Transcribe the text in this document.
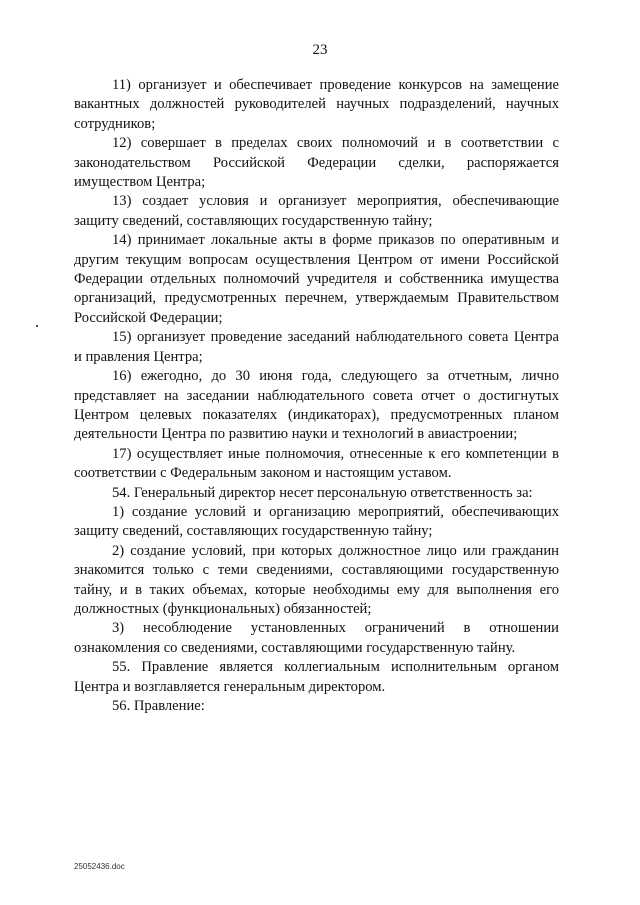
23

11) организует и обеспечивает проведение конкурсов на замещение вакантных должностей руководителей научных подразделений, научных сотрудников;

12) совершает в пределах своих полномочий и в соответствии с законодательством Российской Федерации сделки, распоряжается имуществом Центра;

13) создает условия и организует мероприятия, обеспечивающие защиту сведений, составляющих государственную тайну;

14) принимает локальные акты в форме приказов по оперативным и другим текущим вопросам осуществления Центром от имени Российской Федерации отдельных полномочий учредителя и собственника имущества организаций, предусмотренных перечнем, утверждаемым Правительством Российской Федерации;

15) организует проведение заседаний наблюдательного совета Центра и правления Центра;

16) ежегодно, до 30 июня года, следующего за отчетным, лично представляет на заседании наблюдательного совета отчет о достигнутых Центром целевых показателях (индикаторах), предусмотренных планом деятельности Центра по развитию науки и технологий в авиастроении;

17) осуществляет иные полномочия, отнесенные к его компетенции в соответствии с Федеральным законом и настоящим уставом.

54. Генеральный директор несет персональную ответственность за:

1) создание условий и организацию мероприятий, обеспечивающих защиту сведений, составляющих государственную тайну;

2) создание условий, при которых должностное лицо или гражданин знакомится только с теми сведениями, составляющими государственную тайну, и в таких объемах, которые необходимы ему для выполнения его должностных (функциональных) обязанностей;

3) несоблюдение установленных ограничений в отношении ознакомления со сведениями, составляющими государственную тайну.

55. Правление является коллегиальным исполнительным органом Центра и возглавляется генеральным директором.

56. Правление:

25052436.doc
